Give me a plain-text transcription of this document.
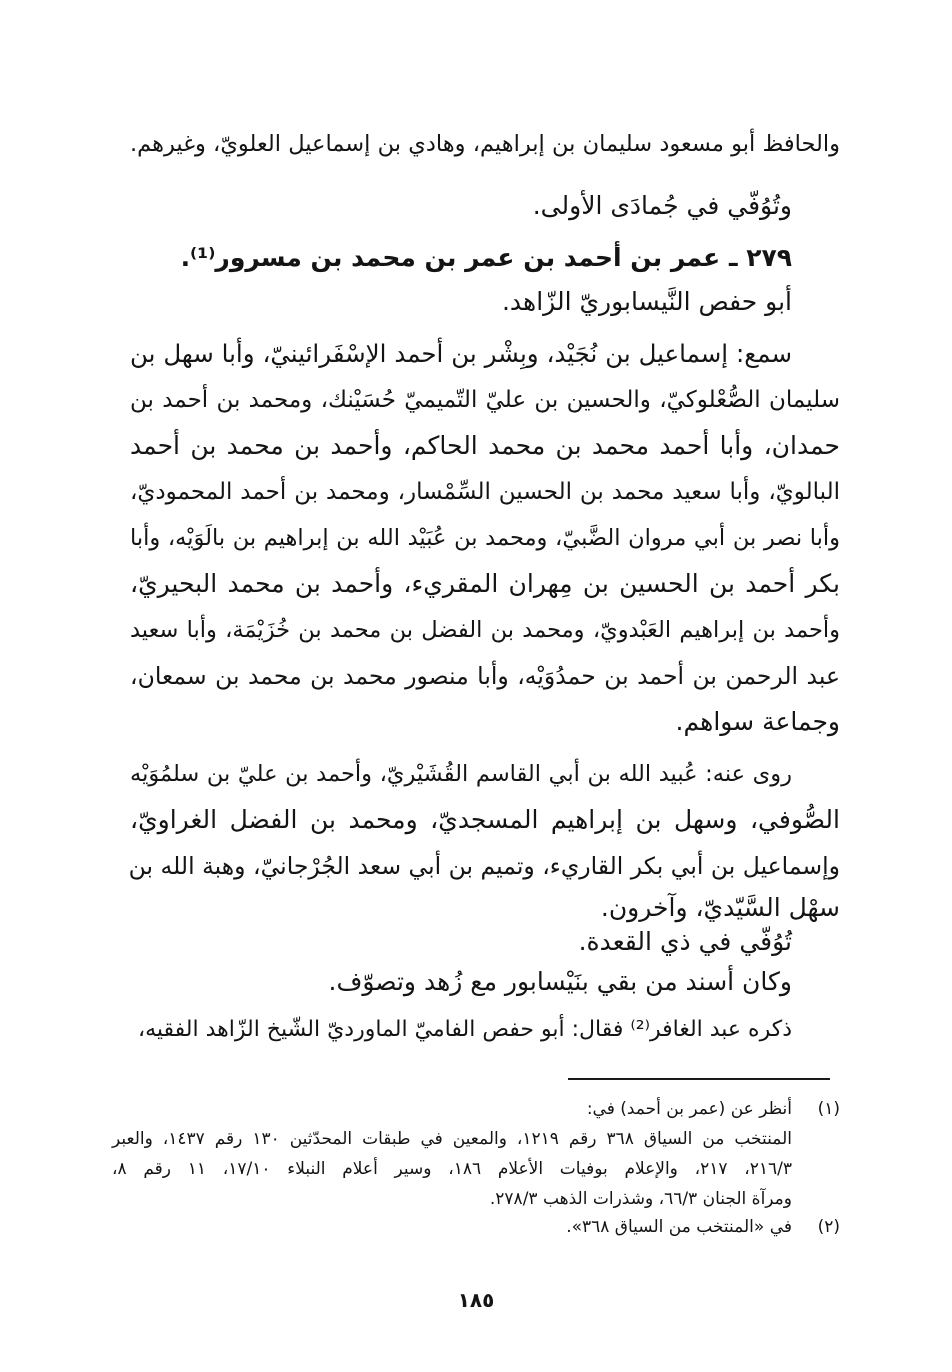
والحافظ أبو مسعود سليمان بن إبراهيم، وهادي بن إسماعيل العلويّ، وغيرهم.
وتُوُفّي في جُمادَى الأولى.
٢٧٩ ـ عمر بن أحمد بن عمر بن محمد بن مسرور⁽¹⁾.
أبو حفص النَّيسابوريّ الزّاهد.
سمع: إسماعيل بن نُجَيْد، وبِشْر بن أحمد الإسْفَرائينيّ، وأبا سهل بن
سليمان الصُّعْلوكيّ، والحسين بن عليّ التّميميّ حُسَيْنك، ومحمد بن أحمد بن
حمدان، وأبا أحمد محمد بن محمد الحاكم، وأحمد بن محمد بن أحمد
البالويّ، وأبا سعيد محمد بن الحسين السِّمْسار، ومحمد بن أحمد المحموديّ،
وأبا نصر بن أبي مروان الضَّبيّ، ومحمد بن عُبَيْد الله بن إبراهيم بن بالَوَيْه، وأبا
بكر أحمد بن الحسين بن مِهران المقريء، وأحمد بن محمد البحيريّ،
وأحمد بن إبراهيم العَبْدويّ، ومحمد بن الفضل بن محمد بن خُزَيْمَة، وأبا سعيد
عبد الرحمن بن أحمد بن حمدُوَيْه، وأبا منصور محمد بن محمد بن سمعان،
وجماعة سواهم.
روى عنه: عُبيد الله بن أبي القاسم القُشَيْريّ، وأحمد بن عليّ بن سلمُوَيْه
الصُّوفي، وسهل بن إبراهيم المسجديّ، ومحمد بن الفضل الغراويّ،
وإسماعيل بن أبي بكر القاريء، وتميم بن أبي سعد الجُرْجانيّ، وهبة الله بن
سهْل السَّيّديّ، وآخرون.
تُوُفّي في ذي القعدة.
وكان أسند من بقي بنَيْسابور مع زُهد وتصوّف.
ذكره عبد الغافر⁽²⁾ فقال: أبو حفص الفاميّ الماورديّ الشّيخ الزّاهد الفقيه،
(١)
أنظر عن (عمر بن أحمد) في:
المنتخب من السياق ٣٦٨ رقم ١٢١٩، والمعين في طبقات المحدّثين ١٣٠ رقم ١٤٣٧، والعبر
٢١٦/٣، ٢١٧، والإعلام بوفيات الأعلام ١٨٦، وسير أعلام النبلاء ١٧/١٠، ١١ رقم ٨،
ومرآة الجنان ٦٦/٣، وشذرات الذهب ٢٧٨/٣.
(٢)
في «المنتخب من السياق ٣٦٨».
١٨٥
